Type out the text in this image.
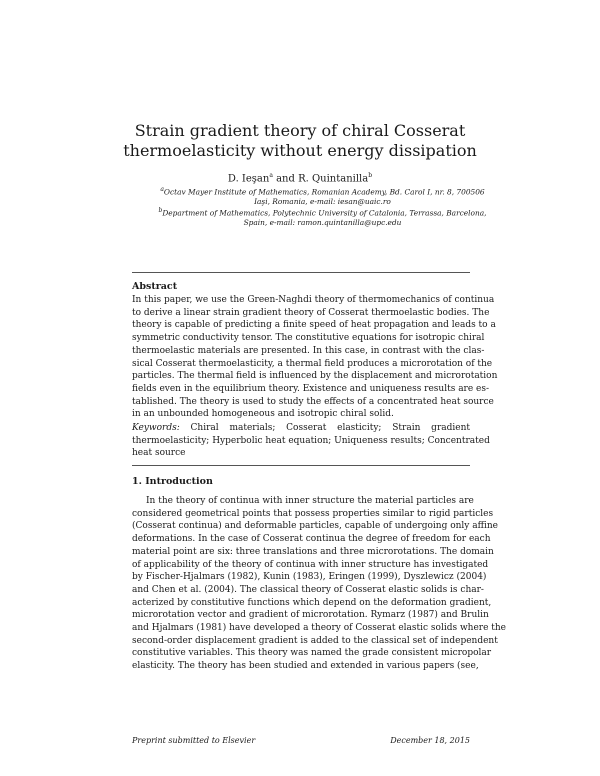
Strain gradient theory of chiral Cosserat
thermoelasticity without energy dissipation
D. Ieşan$^a$ and R. Quintanilla$^b$
$^a$Octav Mayer Institute of Mathematics, Romanian Academy, Bd. Carol I, nr. 8, 700506
Iaşi, Romania, e-mail: iesan@uaic.ro
$^b$Department of Mathematics, Polytechnic University of Catalonia, Terrassa, Barcelona,
Spain, e-mail: ramon.quintanilla@upc.edu
Abstract
In this paper, we use the Green-Naghdi theory of thermomechanics of continua
to derive a linear strain gradient theory of Cosserat thermoelastic bodies. The
theory is capable of predicting a finite speed of heat propagation and leads to a
symmetric conductivity tensor. The constitutive equations for isotropic chiral
thermoelastic materials are presented. In this case, in contrast with the clas-
sical Cosserat thermoelasticity, a thermal field produces a microrotation of the
particles. The thermal field is influenced by the displacement and microrotation
fields even in the equilibrium theory. Existence and uniqueness results are es-
tablished. The theory is used to study the effects of a concentrated heat source
in an unbounded homogeneous and isotropic chiral solid.
Keywords: Chiral materials; Cosserat elasticity; Strain gradient
thermoelasticity; Hyperbolic heat equation; Uniqueness results; Concentrated
heat source
1. Introduction
In the theory of continua with inner structure the material particles are
considered geometrical points that possess properties similar to rigid particles
(Cosserat continua) and deformable particles, capable of undergoing only affine
deformations. In the case of Cosserat continua the degree of freedom for each
material point are six: three translations and three microrotations. The domain
of applicability of the theory of continua with inner structure has investigated
by Fischer-Hjalmars (1982), Kunin (1983), Eringen (1999), Dyszlewicz (2004)
and Chen et al. (2004). The classical theory of Cosserat elastic solids is char-
acterized by constitutive functions which depend on the deformation gradient,
microrotation vector and gradient of microrotation. Rymarz (1987) and Brulin
and Hjalmars (1981) have developed a theory of Cosserat elastic solids where the
second-order displacement gradient is added to the classical set of independent
constitutive variables. This theory was named the grade consistent micropolar
elasticity. The theory has been studied and extended in various papers (see,
Preprint submitted to Elsevier	December 18, 2015
